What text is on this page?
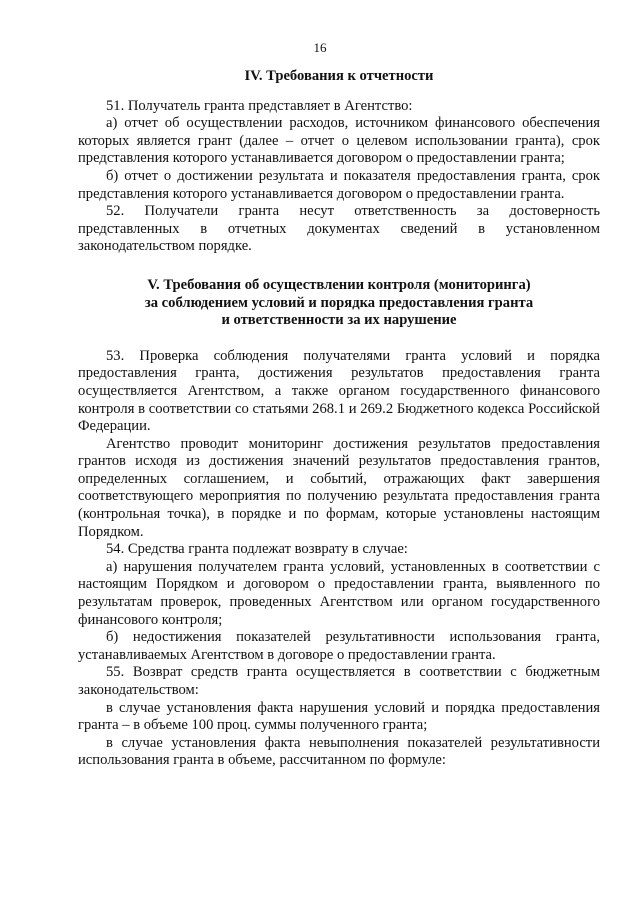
16
IV. Требования к отчетности

51. Получатель гранта представляет в Агентство:

а) отчет об осуществлении расходов, источником финансового обеспечения которых является грант (далее – отчет о целевом использовании гранта), срок представления которого устанавливается договором о предоставлении гранта;

б) отчет о достижении результата и показателя предоставления гранта, срок представления которого устанавливается договором о предоставлении гранта.

52. Получатели гранта несут ответственность за достоверность представленных в отчетных документах сведений в установленном законодательством порядке.

V. Требования об осуществлении контроля (мониторинга)
за соблюдением условий и порядка предоставления гранта
и ответственности за их нарушение

53. Проверка соблюдения получателями гранта условий и порядка предоставления гранта, достижения результатов предоставления гранта осуществляется Агентством, а также органом государственного финансового контроля в соответствии со статьями 268.1 и 269.2 Бюджетного кодекса Российской Федерации.

Агентство проводит мониторинг достижения результатов предоставления грантов исходя из достижения значений результатов предоставления грантов, определенных соглашением, и событий, отражающих факт завершения соответствующего мероприятия по получению результата предоставления гранта (контрольная точка), в порядке и по формам, которые установлены настоящим Порядком.

54. Средства гранта подлежат возврату в случае:

а) нарушения получателем гранта условий, установленных в соответствии с настоящим Порядком и договором о предоставлении гранта, выявленного по результатам проверок, проведенных Агентством или органом государственного финансового контроля;

б) недостижения показателей результативности использования гранта, устанавливаемых Агентством в договоре о предоставлении гранта.

55. Возврат средств гранта осуществляется в соответствии с бюджетным законодательством:

в случае установления факта нарушения условий и порядка предоставления гранта – в объеме 100 проц. суммы полученного гранта;

в случае установления факта невыполнения показателей результативности использования гранта в объеме, рассчитанном по формуле:
